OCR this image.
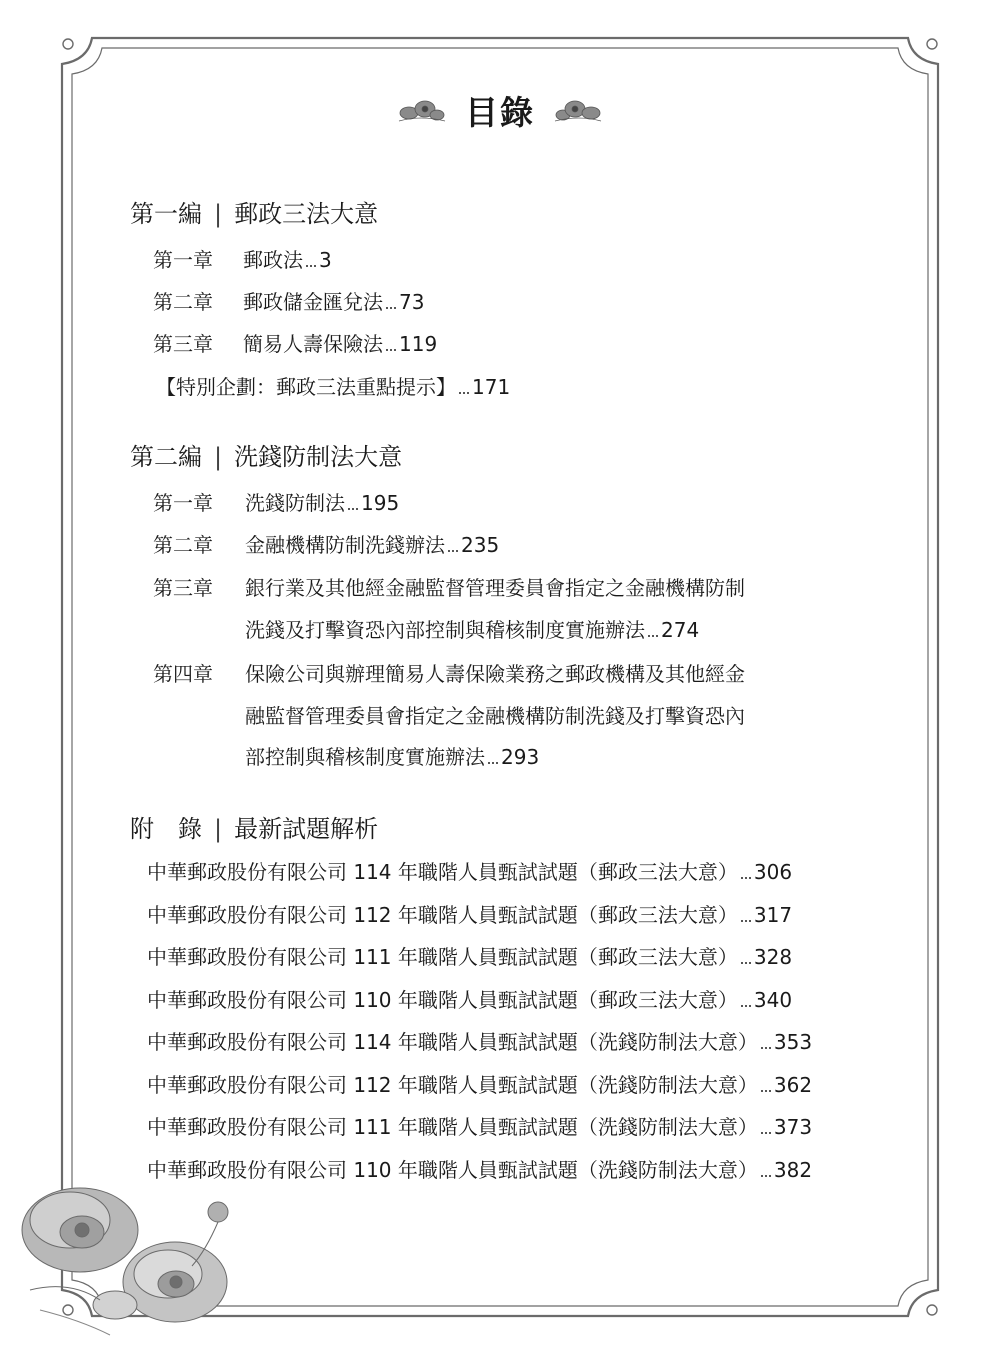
目錄
第一編 | 郵政三法大意
第一章	郵政法 3
第二章	郵政儲金匯兌法 73
第三章	簡易人壽保險法 119
【特別企劃：郵政三法重點提示】 171
第二編 | 洗錢防制法大意
第一章	洗錢防制法 195
第二章	金融機構防制洗錢辦法 235
第三章	銀行業及其他經金融監督管理委員會指定之金融機構防制
洗錢及打擊資恐內部控制與稽核制度實施辦法 274
第四章	保險公司與辦理簡易人壽保險業務之郵政機構及其他經金
融監督管理委員會指定之金融機構防制洗錢及打擊資恐內
部控制與稽核制度實施辦法 293
附　錄 | 最新試題解析
中華郵政股份有限公司 114 年職階人員甄試試題（郵政三法大意） 306
中華郵政股份有限公司 112 年職階人員甄試試題（郵政三法大意） 317
中華郵政股份有限公司 111 年職階人員甄試試題（郵政三法大意） 328
中華郵政股份有限公司 110 年職階人員甄試試題（郵政三法大意） 340
中華郵政股份有限公司 114 年職階人員甄試試題（洗錢防制法大意） 353
中華郵政股份有限公司 112 年職階人員甄試試題（洗錢防制法大意） 362
中華郵政股份有限公司 111 年職階人員甄試試題（洗錢防制法大意） 373
中華郵政股份有限公司 110 年職階人員甄試試題（洗錢防制法大意） 382
